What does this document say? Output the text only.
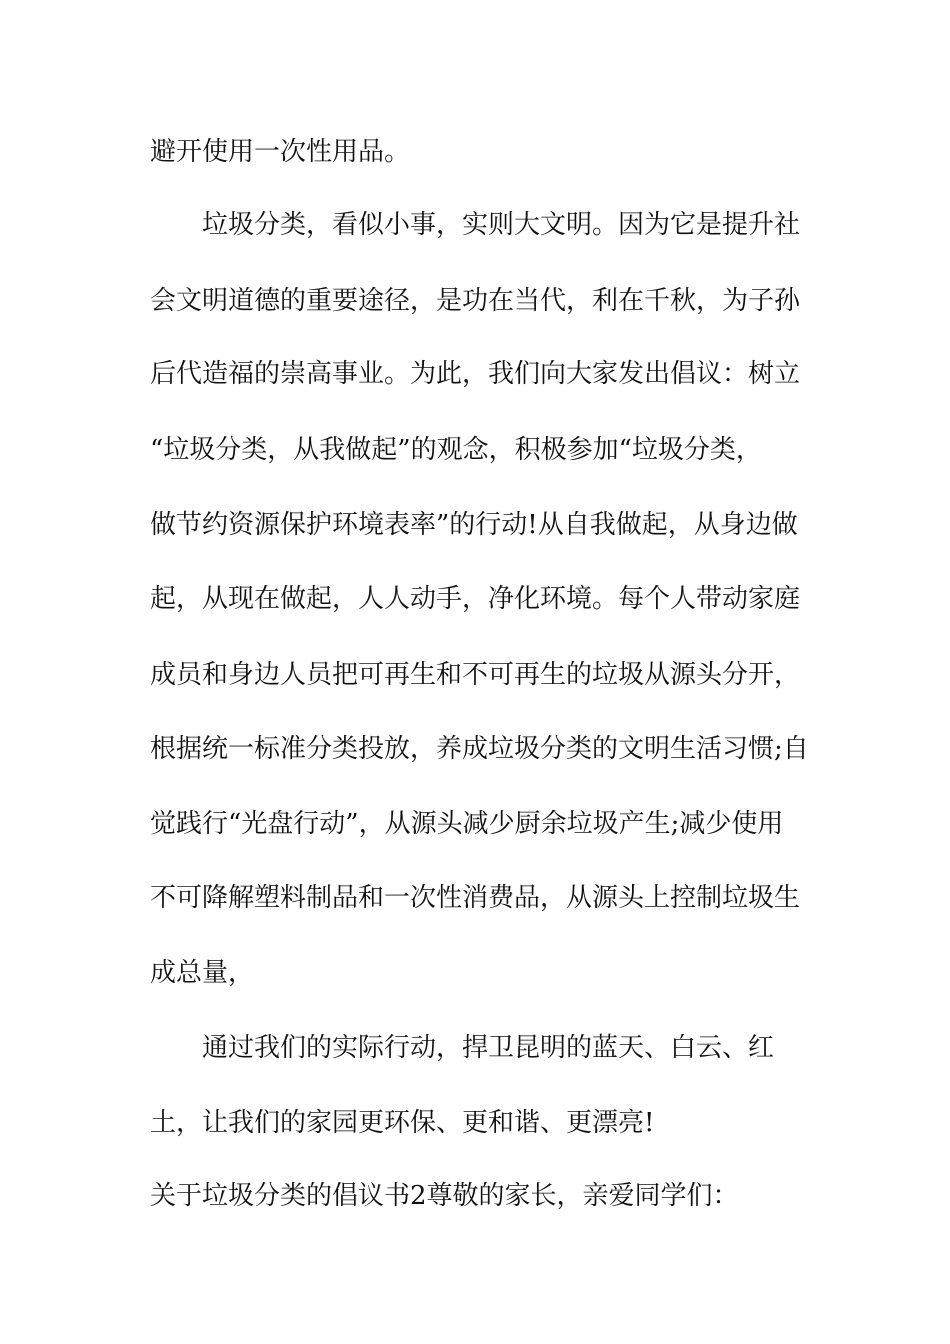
避开使用一次性用品。

垃圾分类，看似小事，实则大文明。因为它是提升社

会文明道德的重要途径，是功在当代，利在千秋，为子孙

后代造福的崇高事业。为此，我们向大家发出倡议：树立

“垃圾分类，从我做起”的观念，积极参加“垃圾分类，

做节约资源保护环境表率”的行动!从自我做起，从身边做

起，从现在做起，人人动手，净化环境。每个人带动家庭

成员和身边人员把可再生和不可再生的垃圾从源头分开，

根据统一标准分类投放，养成垃圾分类的文明生活习惯;自

觉践行“光盘行动”，从源头减少厨余垃圾产生;减少使用

不可降解塑料制品和一次性消费品，从源头上控制垃圾生

成总量，

通过我们的实际行动，捍卫昆明的蓝天、白云、红

土，让我们的家园更环保、更和谐、更漂亮!

关于垃圾分类的倡议书2尊敬的家长，亲爱同学们：
